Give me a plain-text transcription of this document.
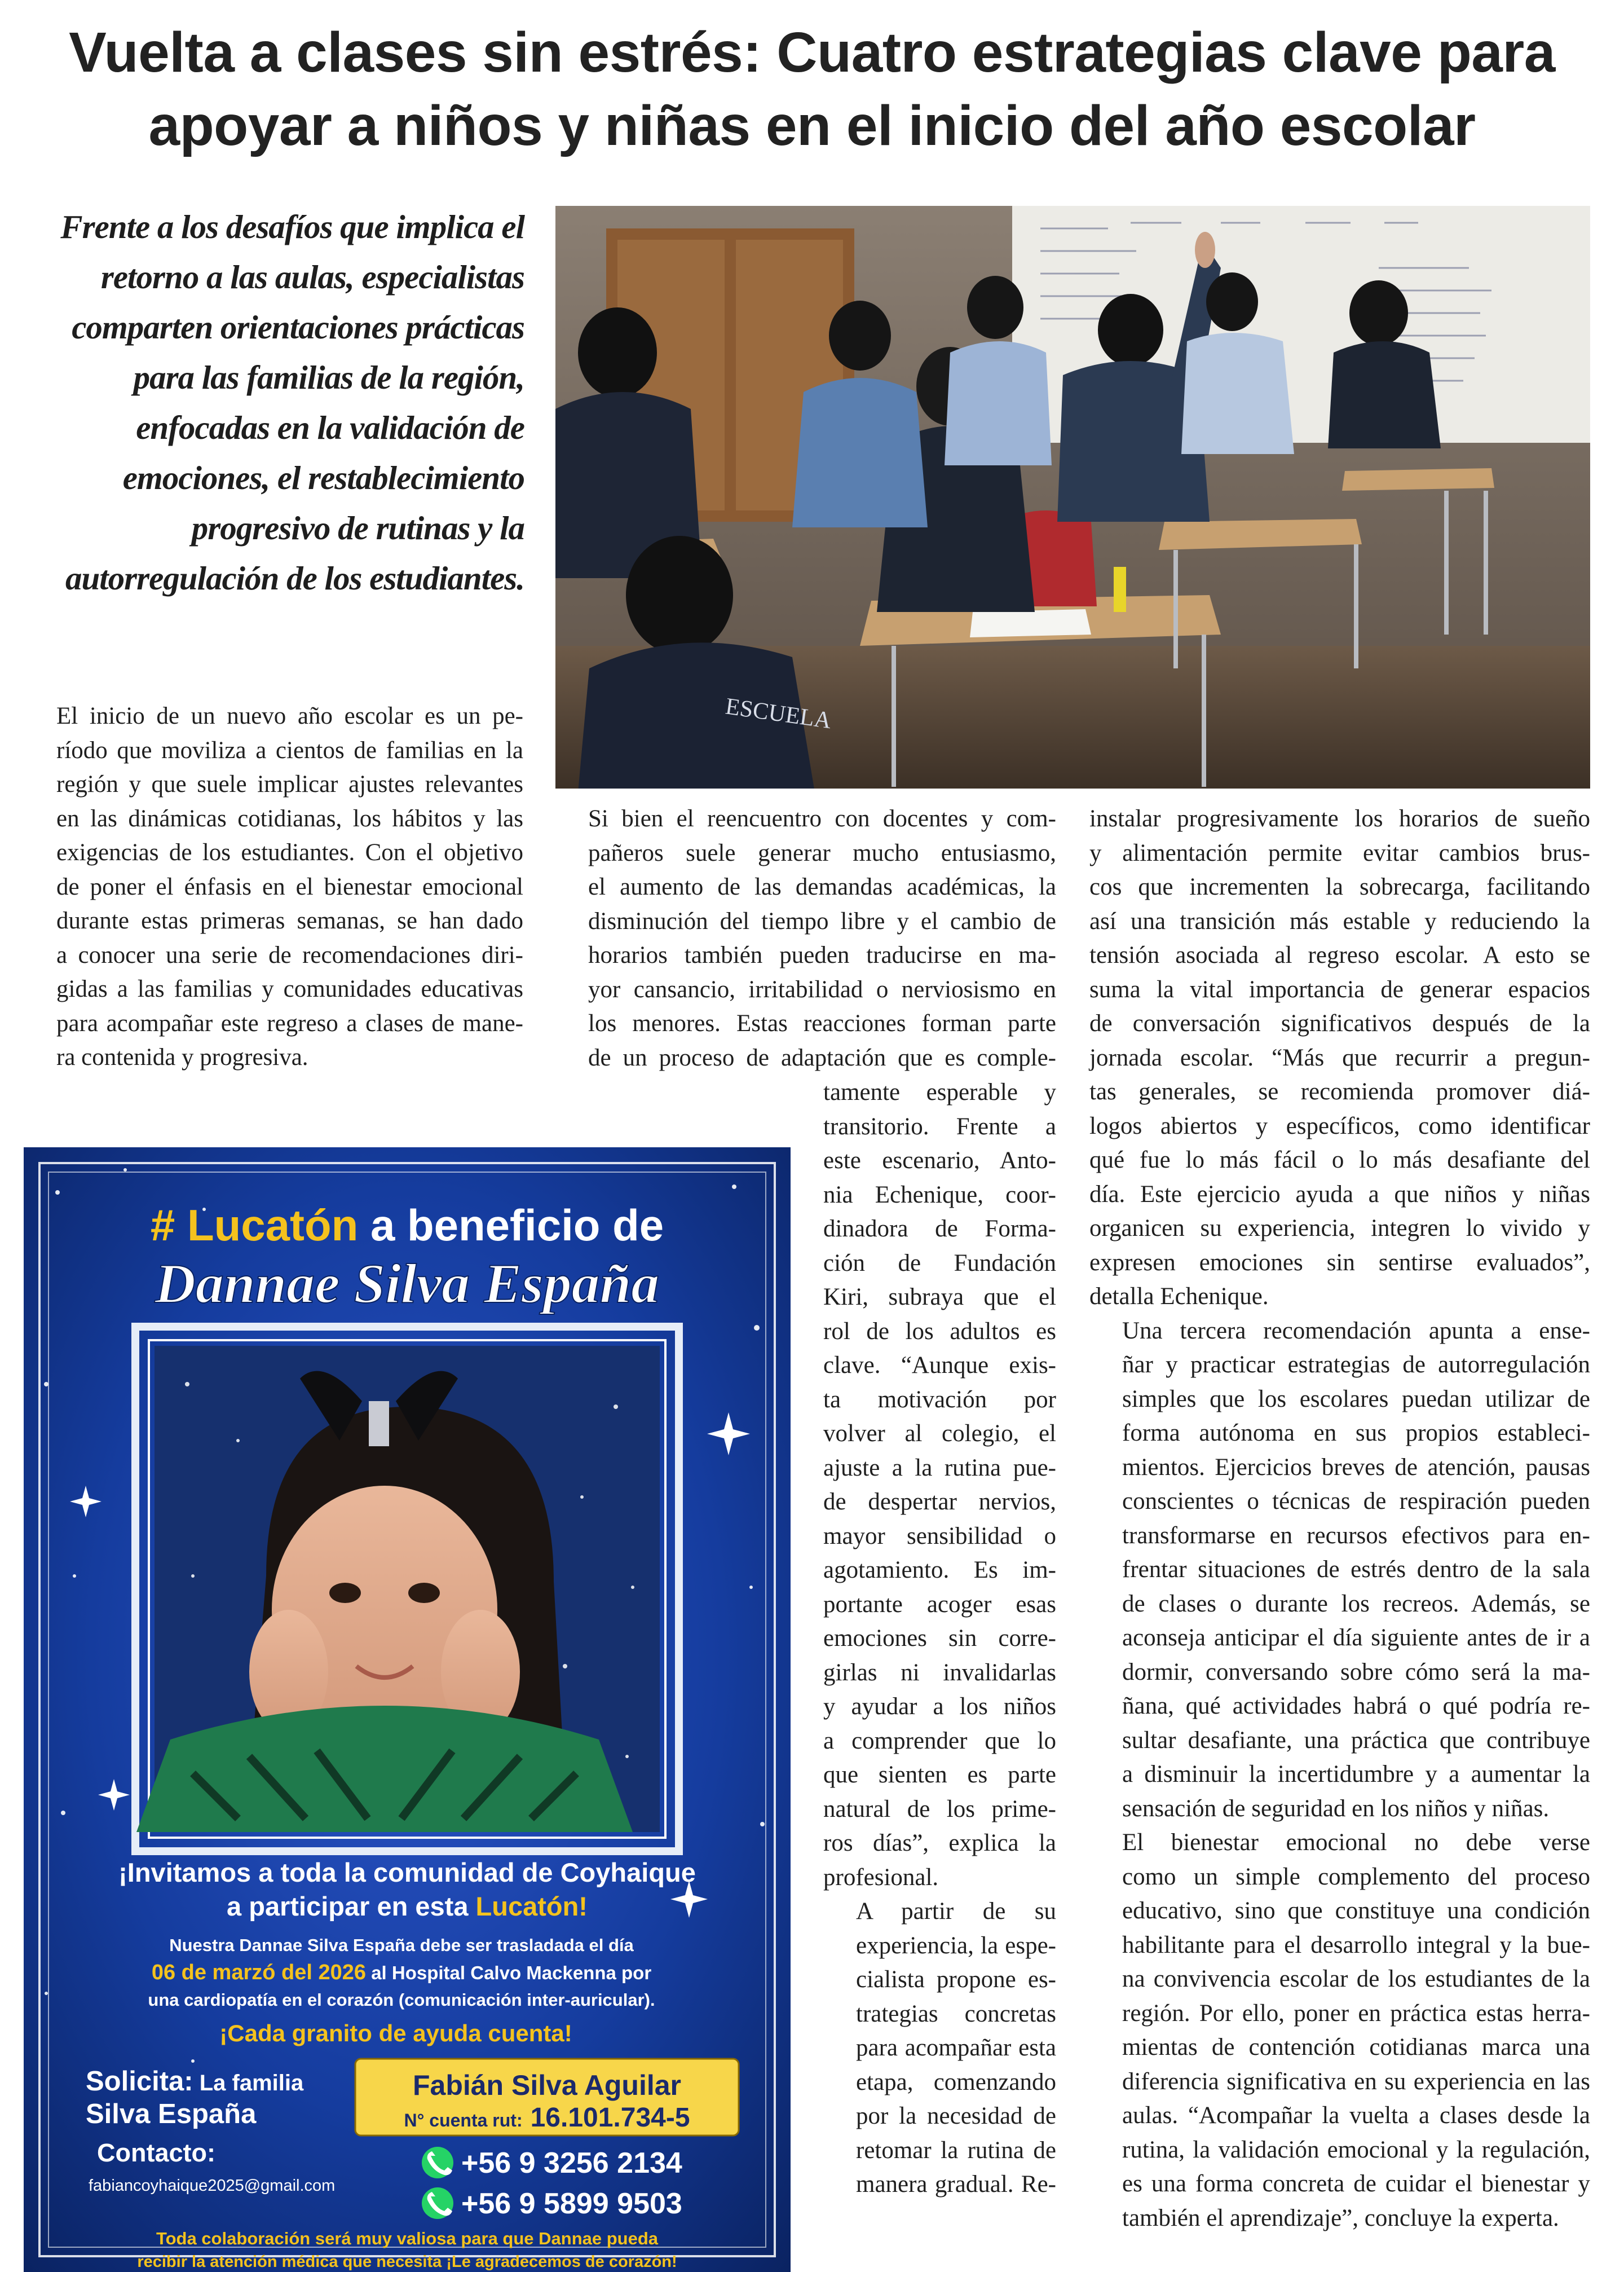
Vuelta a clases sin estrés: Cuatro estrategias clave para
apoyar a niños y niñas en el inicio del año escolar
Frente a los desafíos que implica el
retorno a las aulas, especialistas
comparten orientaciones prácticas
para las familias de la región,
enfocadas en la validación de
emociones, el restablecimiento
progresivo de rutinas y la
autorregulación de los estudiantes.
ESCUELA

El inicio de un nuevo año escolar es un pe-
ríodo que moviliza a cientos de familias en la
región y que suele implicar ajustes relevantes
en las dinámicas cotidianas, los hábitos y las
exigencias de los estudiantes. Con el objetivo
de poner el énfasis en el bienestar emocional
durante estas primeras semanas, se han dado
a conocer una serie de recomendaciones diri-
gidas a las familias y comunidades educativas
para acompañar este regreso a clases de mane-
ra contenida y progresiva.

Si bien el reencuentro con docentes y com-
pañeros suele generar mucho entusiasmo,
el aumento de las demandas académicas, la
disminución del tiempo libre y el cambio de
horarios también pueden traducirse en ma-
yor cansancio, irritabilidad o nerviosismo en
los menores. Estas reacciones forman parte
de un proceso de adaptación que es comple-

tamente esperable y
transitorio. Frente a
este escenario, Anto-
nia Echenique, coor-
dinadora de Forma-
ción de Fundación
Kiri, subraya que el
rol de los adultos es
clave. “Aunque exis-
ta motivación por
volver al colegio, el
ajuste a la rutina pue-
de despertar nervios,
mayor sensibilidad o
agotamiento. Es im-
portante acoger esas
emociones sin corre-
girlas ni invalidarlas
y ayudar a los niños
a comprender que lo
que sienten es parte
natural de los prime-
ros días”, explica la
profesional.

A partir de su
experiencia, la espe-
cialista propone es-
trategias concretas
para acompañar esta
etapa, comenzando
por la necesidad de
retomar la rutina de
manera gradual. Re-

instalar progresivamente los horarios de sueño
y alimentación permite evitar cambios brus-
cos que incrementen la sobrecarga, facilitando
así una transición más estable y reduciendo la
tensión asociada al regreso escolar. A esto se
suma la vital importancia de generar espacios
de conversación significativos después de la
jornada escolar. “Más que recurrir a pregun-
tas generales, se recomienda promover diá-
logos abiertos y específicos, como identificar
qué fue lo más fácil o lo más desafiante del
día. Este ejercicio ayuda a que niños y niñas
organicen su experiencia, integren lo vivido y
expresen emociones sin sentirse evaluados”,
detalla Echenique.

Una tercera recomendación apunta a ense-
ñar y practicar estrategias de autorregulación
simples que los escolares puedan utilizar de
forma autónoma en sus propios estableci-
mientos. Ejercicios breves de atención, pausas
conscientes o técnicas de respiración pueden
transformarse en recursos efectivos para en-
frentar situaciones de estrés dentro de la sala
de clases o durante los recreos. Además, se
aconseja anticipar el día siguiente antes de ir a
dormir, conversando sobre cómo será la ma-
ñana, qué actividades habrá o qué podría re-
sultar desafiante, una práctica que contribuye
a disminuir la incertidumbre y a aumentar la
sensación de seguridad en los niños y niñas.

El bienestar emocional no debe verse
como un simple complemento del proceso
educativo, sino que constituye una condición
habilitante para el desarrollo integral y la bue-
na convivencia escolar de los estudiantes de la
región. Por ello, poner en práctica estas herra-
mientas de contención cotidianas marca una
diferencia significativa en su experiencia en las
aulas. “Acompañar la vuelta a clases desde la
rutina, la validación emocional y la regulación,
es una forma concreta de cuidar el bienestar y
también el aprendizaje”, concluye la experta.

# Lucatón a beneficio de
Dannae Silva España
¡Invitamos a toda la comunidad de Coyhaique
a participar en esta Lucatón!
Nuestra Dannae Silva España debe ser trasladada el día
06 de marzó del 2026 al Hospital Calvo Mackenna por
una cardiopatía en el corazón (comunicación inter-auricular).
¡Cada granito de ayuda cuenta!
Solicita: La familia
Silva España
Fabián Silva Aguilar
N° cuenta rut: 16.101.734-5
Contacto:
fabiancoyhaique2025@gmail.com
+56 9 3256 2134
+56 9 5899 9503
Toda colaboración será muy valiosa para que Dannae pueda
recibir la atención médica que necesita ¡Le agradecemos de corazón!
